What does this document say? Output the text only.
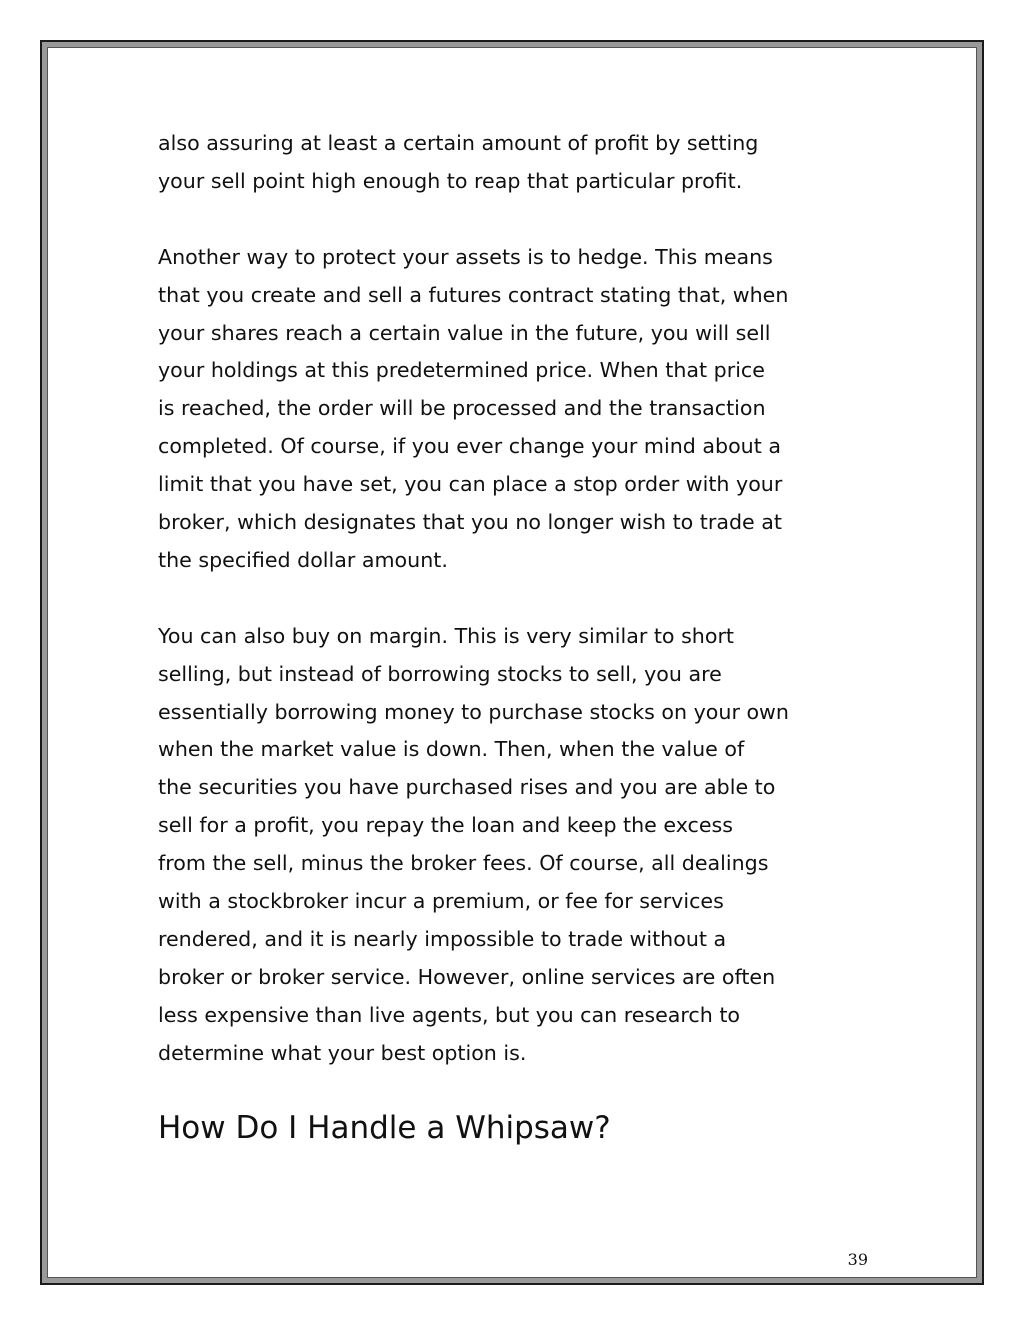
also assuring at least a certain amount of profit by setting
your sell point high enough to reap that particular profit.

Another way to protect your assets is to hedge. This means
that you create and sell a futures contract stating that, when
your shares reach a certain value in the future, you will sell
your holdings at this predetermined price. When that price
is reached, the order will be processed and the transaction
completed. Of course, if you ever change your mind about a
limit that you have set, you can place a stop order with your
broker, which designates that you no longer wish to trade at
the specified dollar amount.

You can also buy on margin. This is very similar to short
selling, but instead of borrowing stocks to sell, you are
essentially borrowing money to purchase stocks on your own
when the market value is down. Then, when the value of
the securities you have purchased rises and you are able to
sell for a profit, you repay the loan and keep the excess
from the sell, minus the broker fees. Of course, all dealings
with a stockbroker incur a premium, or fee for services
rendered, and it is nearly impossible to trade without a
broker or broker service. However, online services are often
less expensive than live agents, but you can research to
determine what your best option is.

How Do I Handle a Whipsaw?
39
